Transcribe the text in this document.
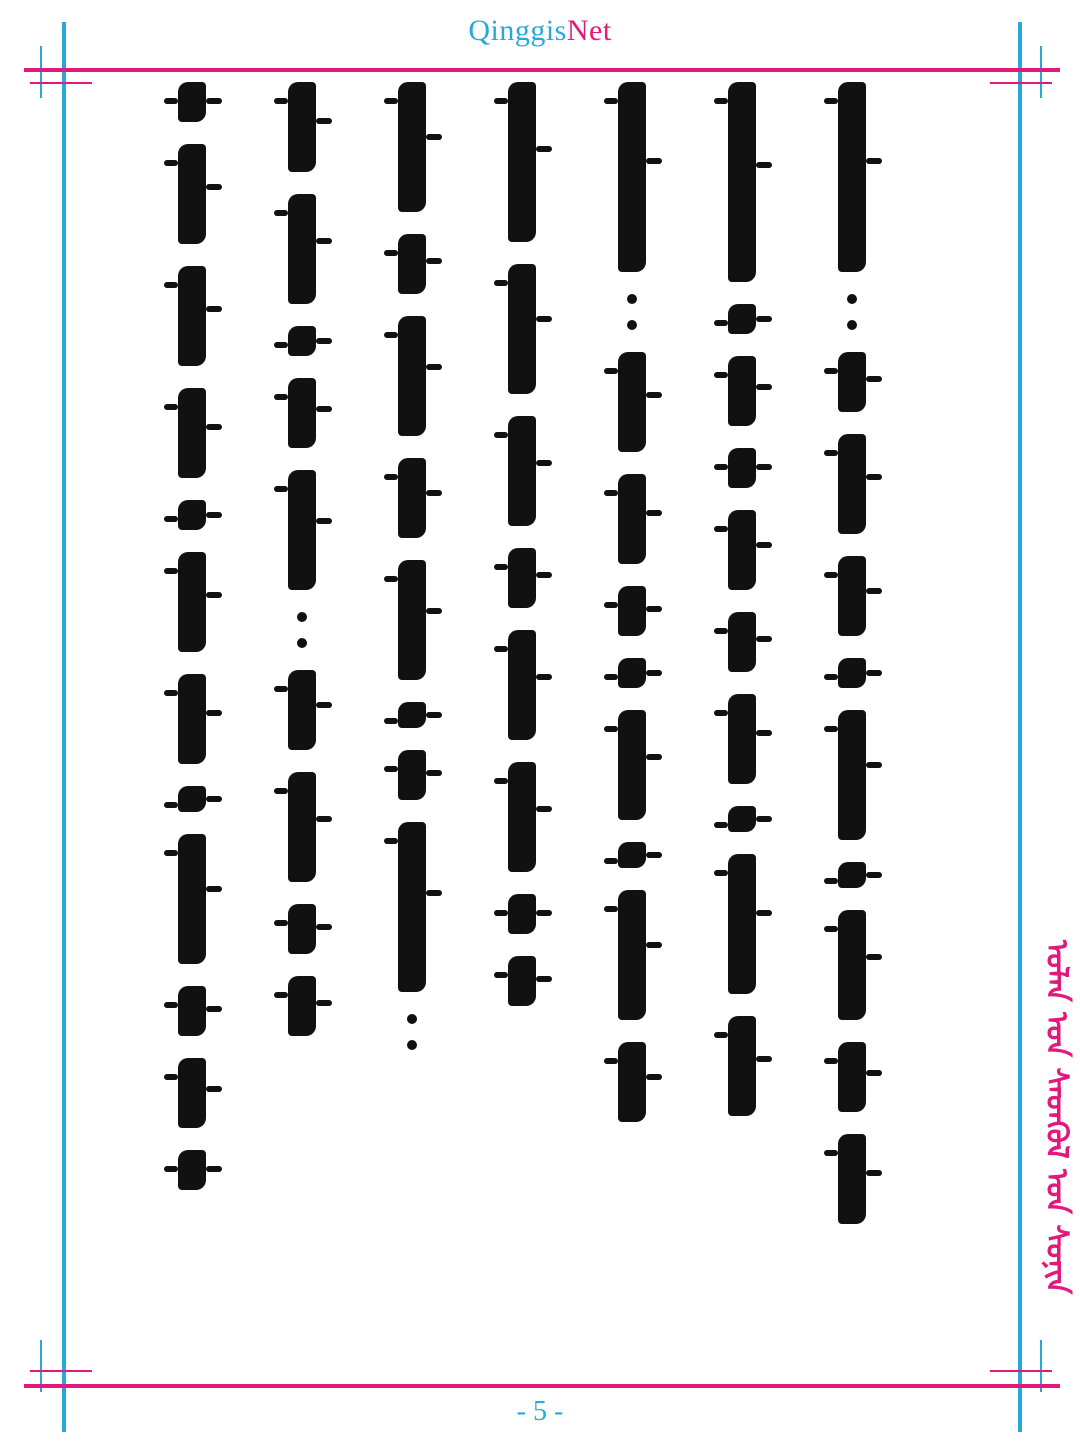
QinggisNet
ᠣᠯᠠᠨ ᠤᠨ ᠰᠡᠳᠬᠦᠯ ᠤᠨ ᠰᠣᠨᠢᠨ
- 5 -
